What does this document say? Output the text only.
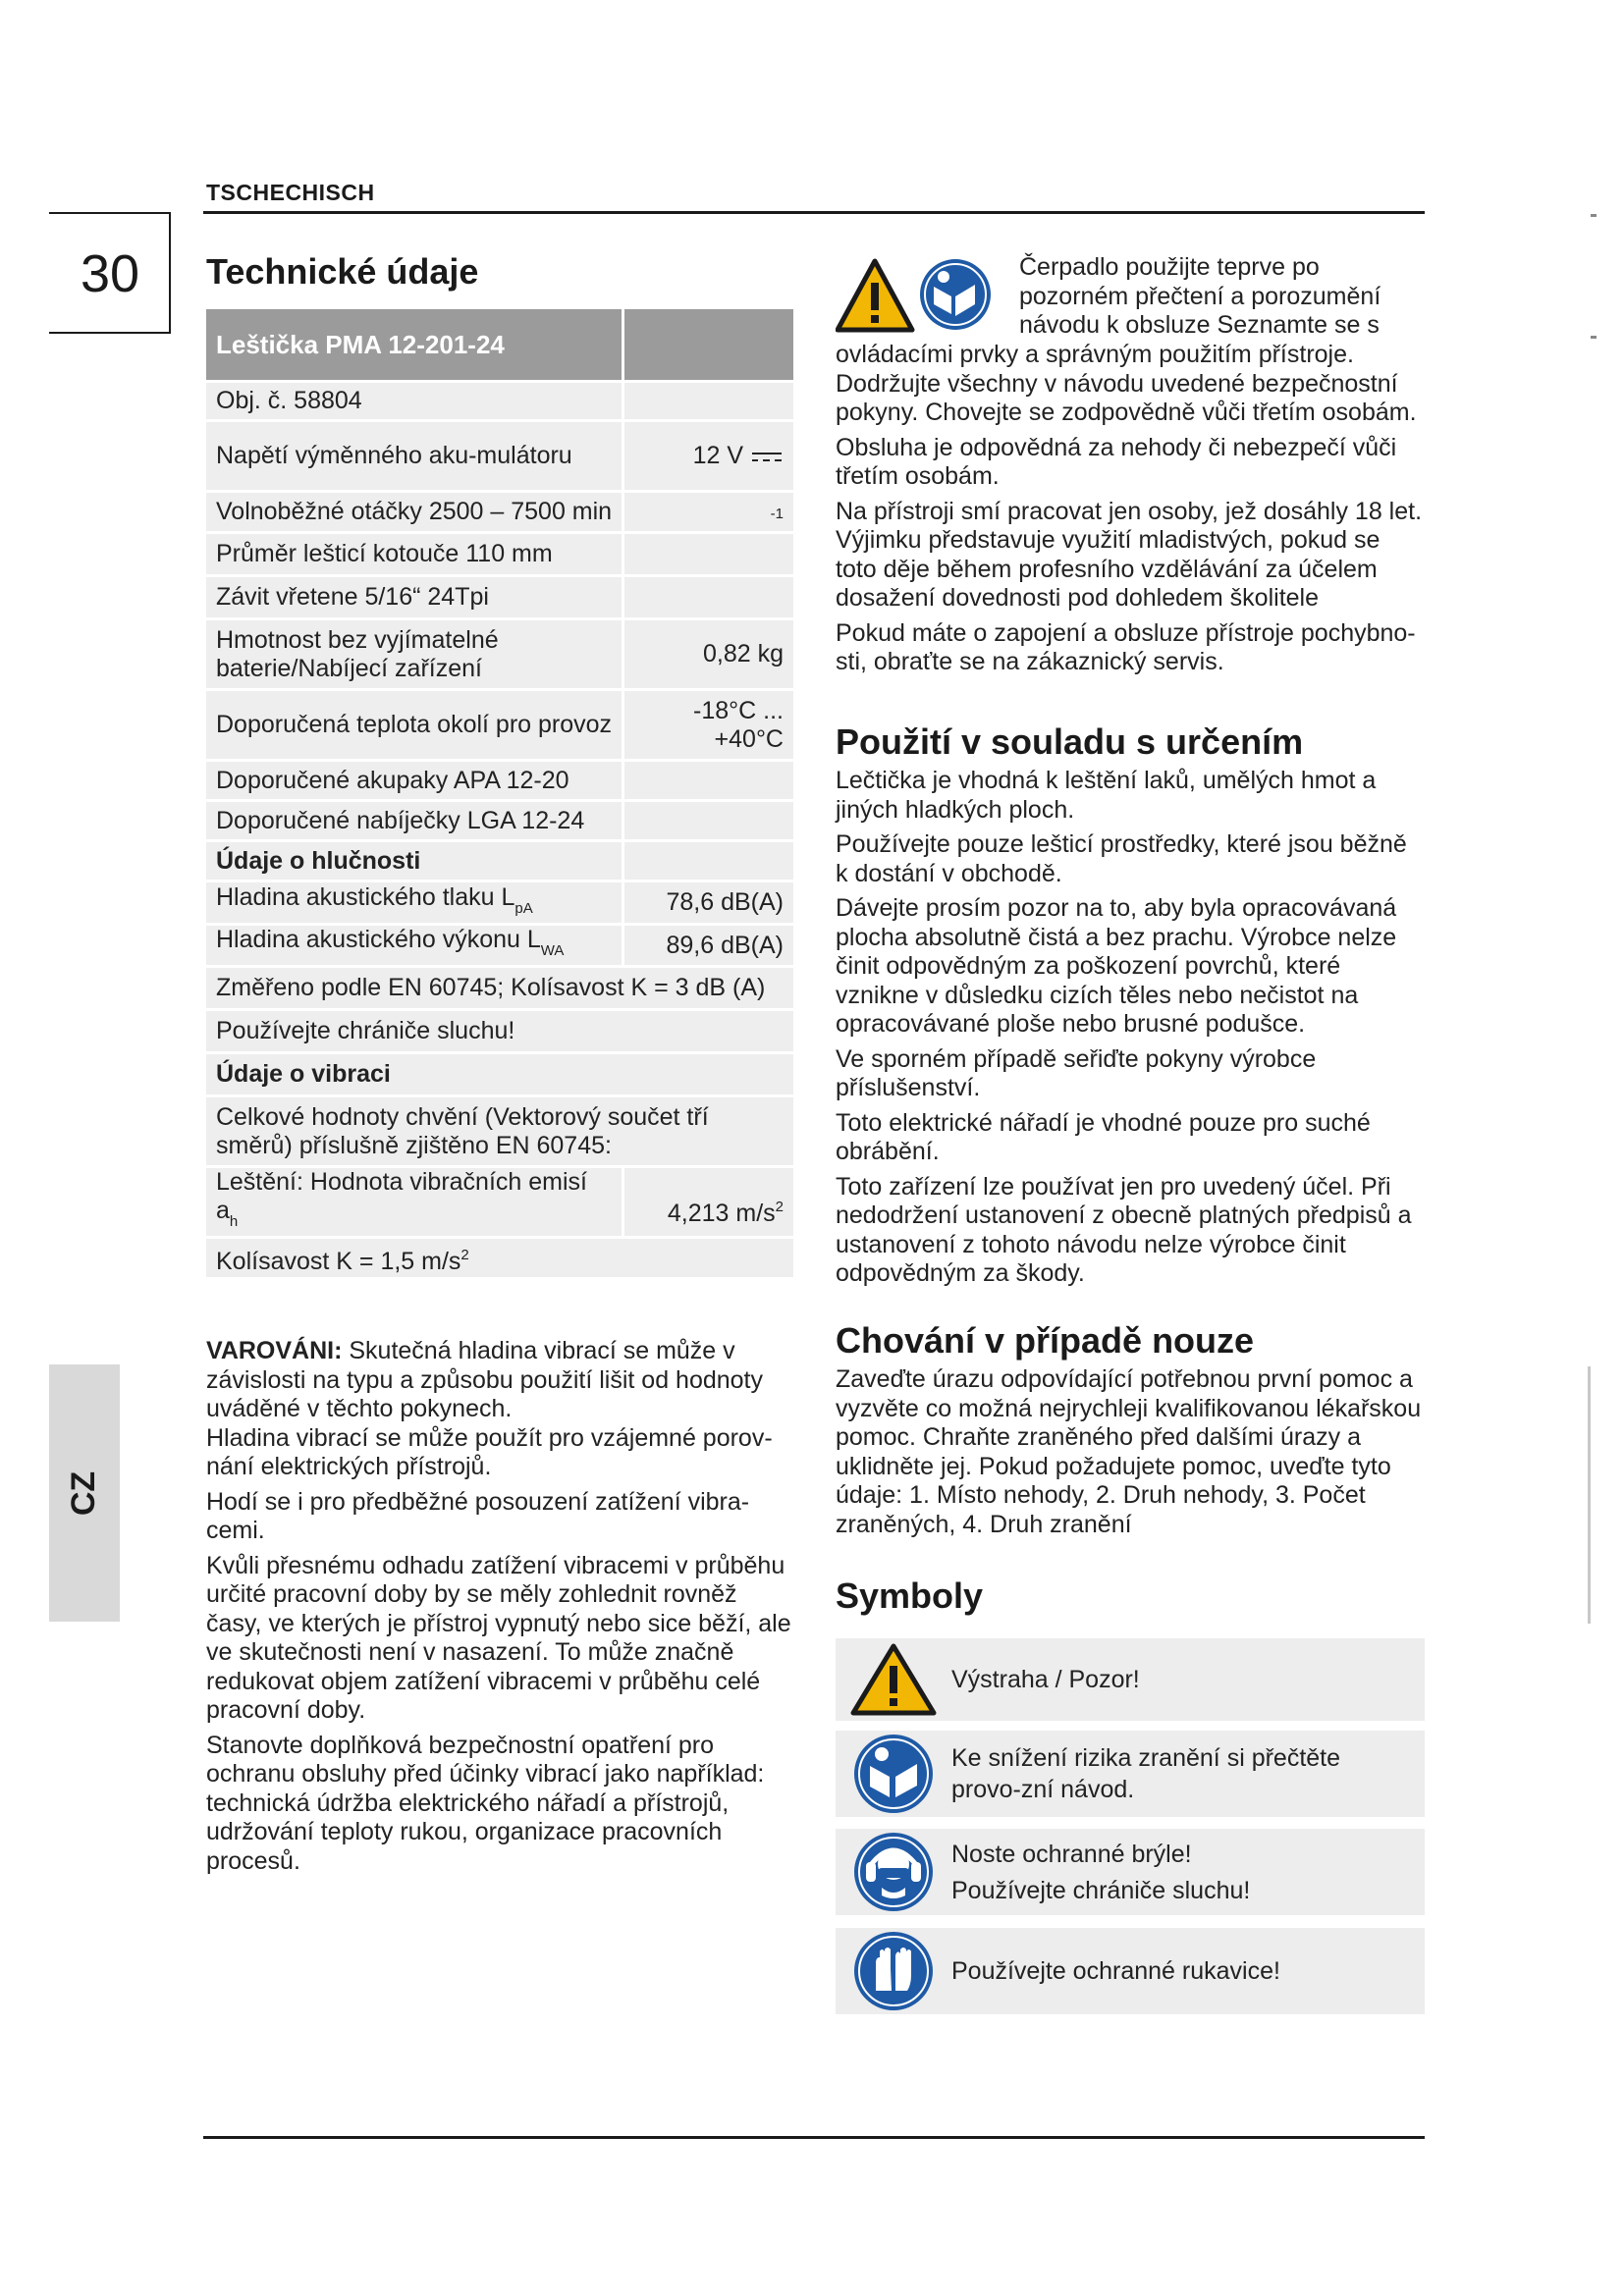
TSCHECHISCH
30
CZ
Technické údaje
Leštička PMA 12-201-24	
Obj. č. 58804	
Napětí výměnného aku-mulátoru	12 V
Volnoběžné otáčky 2500 – 7500 min	-1
Průměr lešticí kotouče 110 mm	
Závit vřetene 5/16“ 24Tpi	
Hmotnost bez vyjímatelné baterie/Nabíjecí zařízení	0,82 kg
Doporučená teplota okolí pro provoz	-18°C ... +40°C
Doporučené akupaky APA 12-20	
Doporučené nabíječky LGA 12-24	
Údaje o hlučnosti	
Hladina akustického tlaku $L_{pA}$	78,6 dB(A)
Hladina akustického výkonu $L_{WA}$	89,6 dB(A)
Změřeno podle EN 60745; Kolísavost K = 3 dB (A)	
Používejte chrániče sluchu!	
Údaje o vibraci	
Celkové hodnoty chvění (Vektorový součet tří směrů) příslušně zjištěno EN 60745:	
Leštění: Hodnota vibračních emisí $a_h$	4,213 $m/s^2$
Kolísavost K = 1,5 $m/s^2$

VAROVÁNI: Skutečná hladina vibrací se může v závislosti na typu a způsobu použití lišit od hodnoty uváděné v těchto pokynech.

Hladina vibrací se může použít pro vzájemné porov-nání elektrických přístrojů.

Hodí se i pro předběžné posouzení zatížení vibra-cemi.

Kvůli přesnému odhadu zatížení vibracemi v průběhu určité pracovní doby by se měly zohlednit rovněž časy, ve kterých je přístroj vypnutý nebo sice běží, ale ve skutečnosti není v nasazení. To může značně redukovat objem zatížení vibracemi v průběhu celé pracovní doby.

Stanovte doplňková bezpečnostní opatření pro ochranu obsluhy před účinky vibrací jako například: technická údržba elektrického nářadí a přístrojů, udržování teploty rukou, organizace pracovních procesů.

Čerpadlo použijte teprve po pozorném přečtení a porozumění návodu k obsluze Seznamte se s

ovládacími prvky a správným použitím přístroje. Dodržujte všechny v návodu uvedené bezpečnostní pokyny. Chovejte se zodpovědně vůči třetím osobám.

Obsluha je odpovědná za nehody či nebezpečí vůči třetím osobám.

Na přístroji smí pracovat jen osoby, jež dosáhly 18 let. Výjimku představuje využití mladistvých, pokud se toto děje během profesního vzdělávání za účelem dosažení dovednosti pod dohledem školitele

Pokud máte o zapojení a obsluze přístroje pochybno-sti, obraťte se na zákaznický servis.

Použití v souladu s určením

Lečtička je vhodná k leštění laků, umělých hmot a jiných hladkých ploch.

Používejte pouze lešticí prostředky, které jsou běžně k dostání v obchodě.

Dávejte prosím pozor na to, aby byla opracovávaná plocha absolutně čistá a bez prachu. Výrobce nelze činit odpovědným za poškození povrchů, které vznikne v důsledku cizích těles nebo nečistot na opracovávané ploše nebo brusné podušce.

Ve sporném případě seřiďte pokyny výrobce příslušenství.

Toto elektrické nářadí je vhodné pouze pro suché obrábění.

Toto zařízení lze používat jen pro uvedený účel. Při nedodržení ustanovení z obecně platných předpisů a ustanovení z tohoto návodu nelze výrobce činit odpovědným za škody.

Chování v případě nouze

Zaveďte úrazu odpovídající potřebnou první pomoc a vyzvěte co možná nejrychleji kvalifikovanou lékařskou pomoc. Chraňte zraněného před dalšími úrazy a uklidněte jej. Pokud požadujete pomoc, uveďte tyto údaje: 1. Místo nehody, 2. Druh nehody, 3. Počet zraněných, 4. Druh zranění

Symboly
Výstraha / Pozor!
Ke snížení rizika zranění si přečtěte provo-zní návod.
Noste ochranné brýle!
Používejte chrániče sluchu!
Používejte ochranné rukavice!
